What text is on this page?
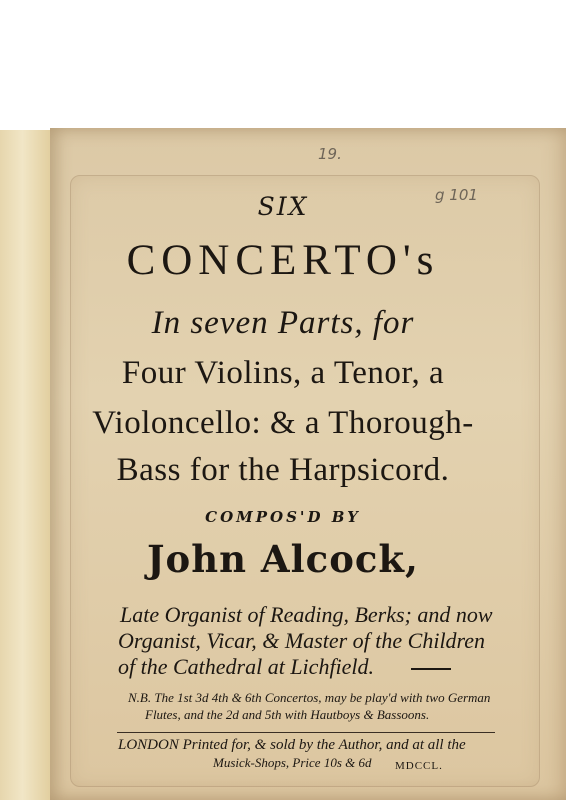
19.
g 101
SIX
CONCERTO's
In seven Parts, for
Four Violins, a Tenor, a
Violoncello: & a Thorough-
Bass for the Harpsicord.
COMPOS'D BY
John Alcock,
Late Organist of Reading, Berks; and now
Organist, Vicar, & Master of the Children
of the Cathedral at Lichfield.
N.B. The 1st 3d 4th & 6th Concertos, may be play'd with two German
Flutes, and the 2d and 5th with Hautboys & Bassoons.
LONDON Printed for, & sold by the Author, and at all the
Musick-Shops, Price 10s & 6d MDCCL.
